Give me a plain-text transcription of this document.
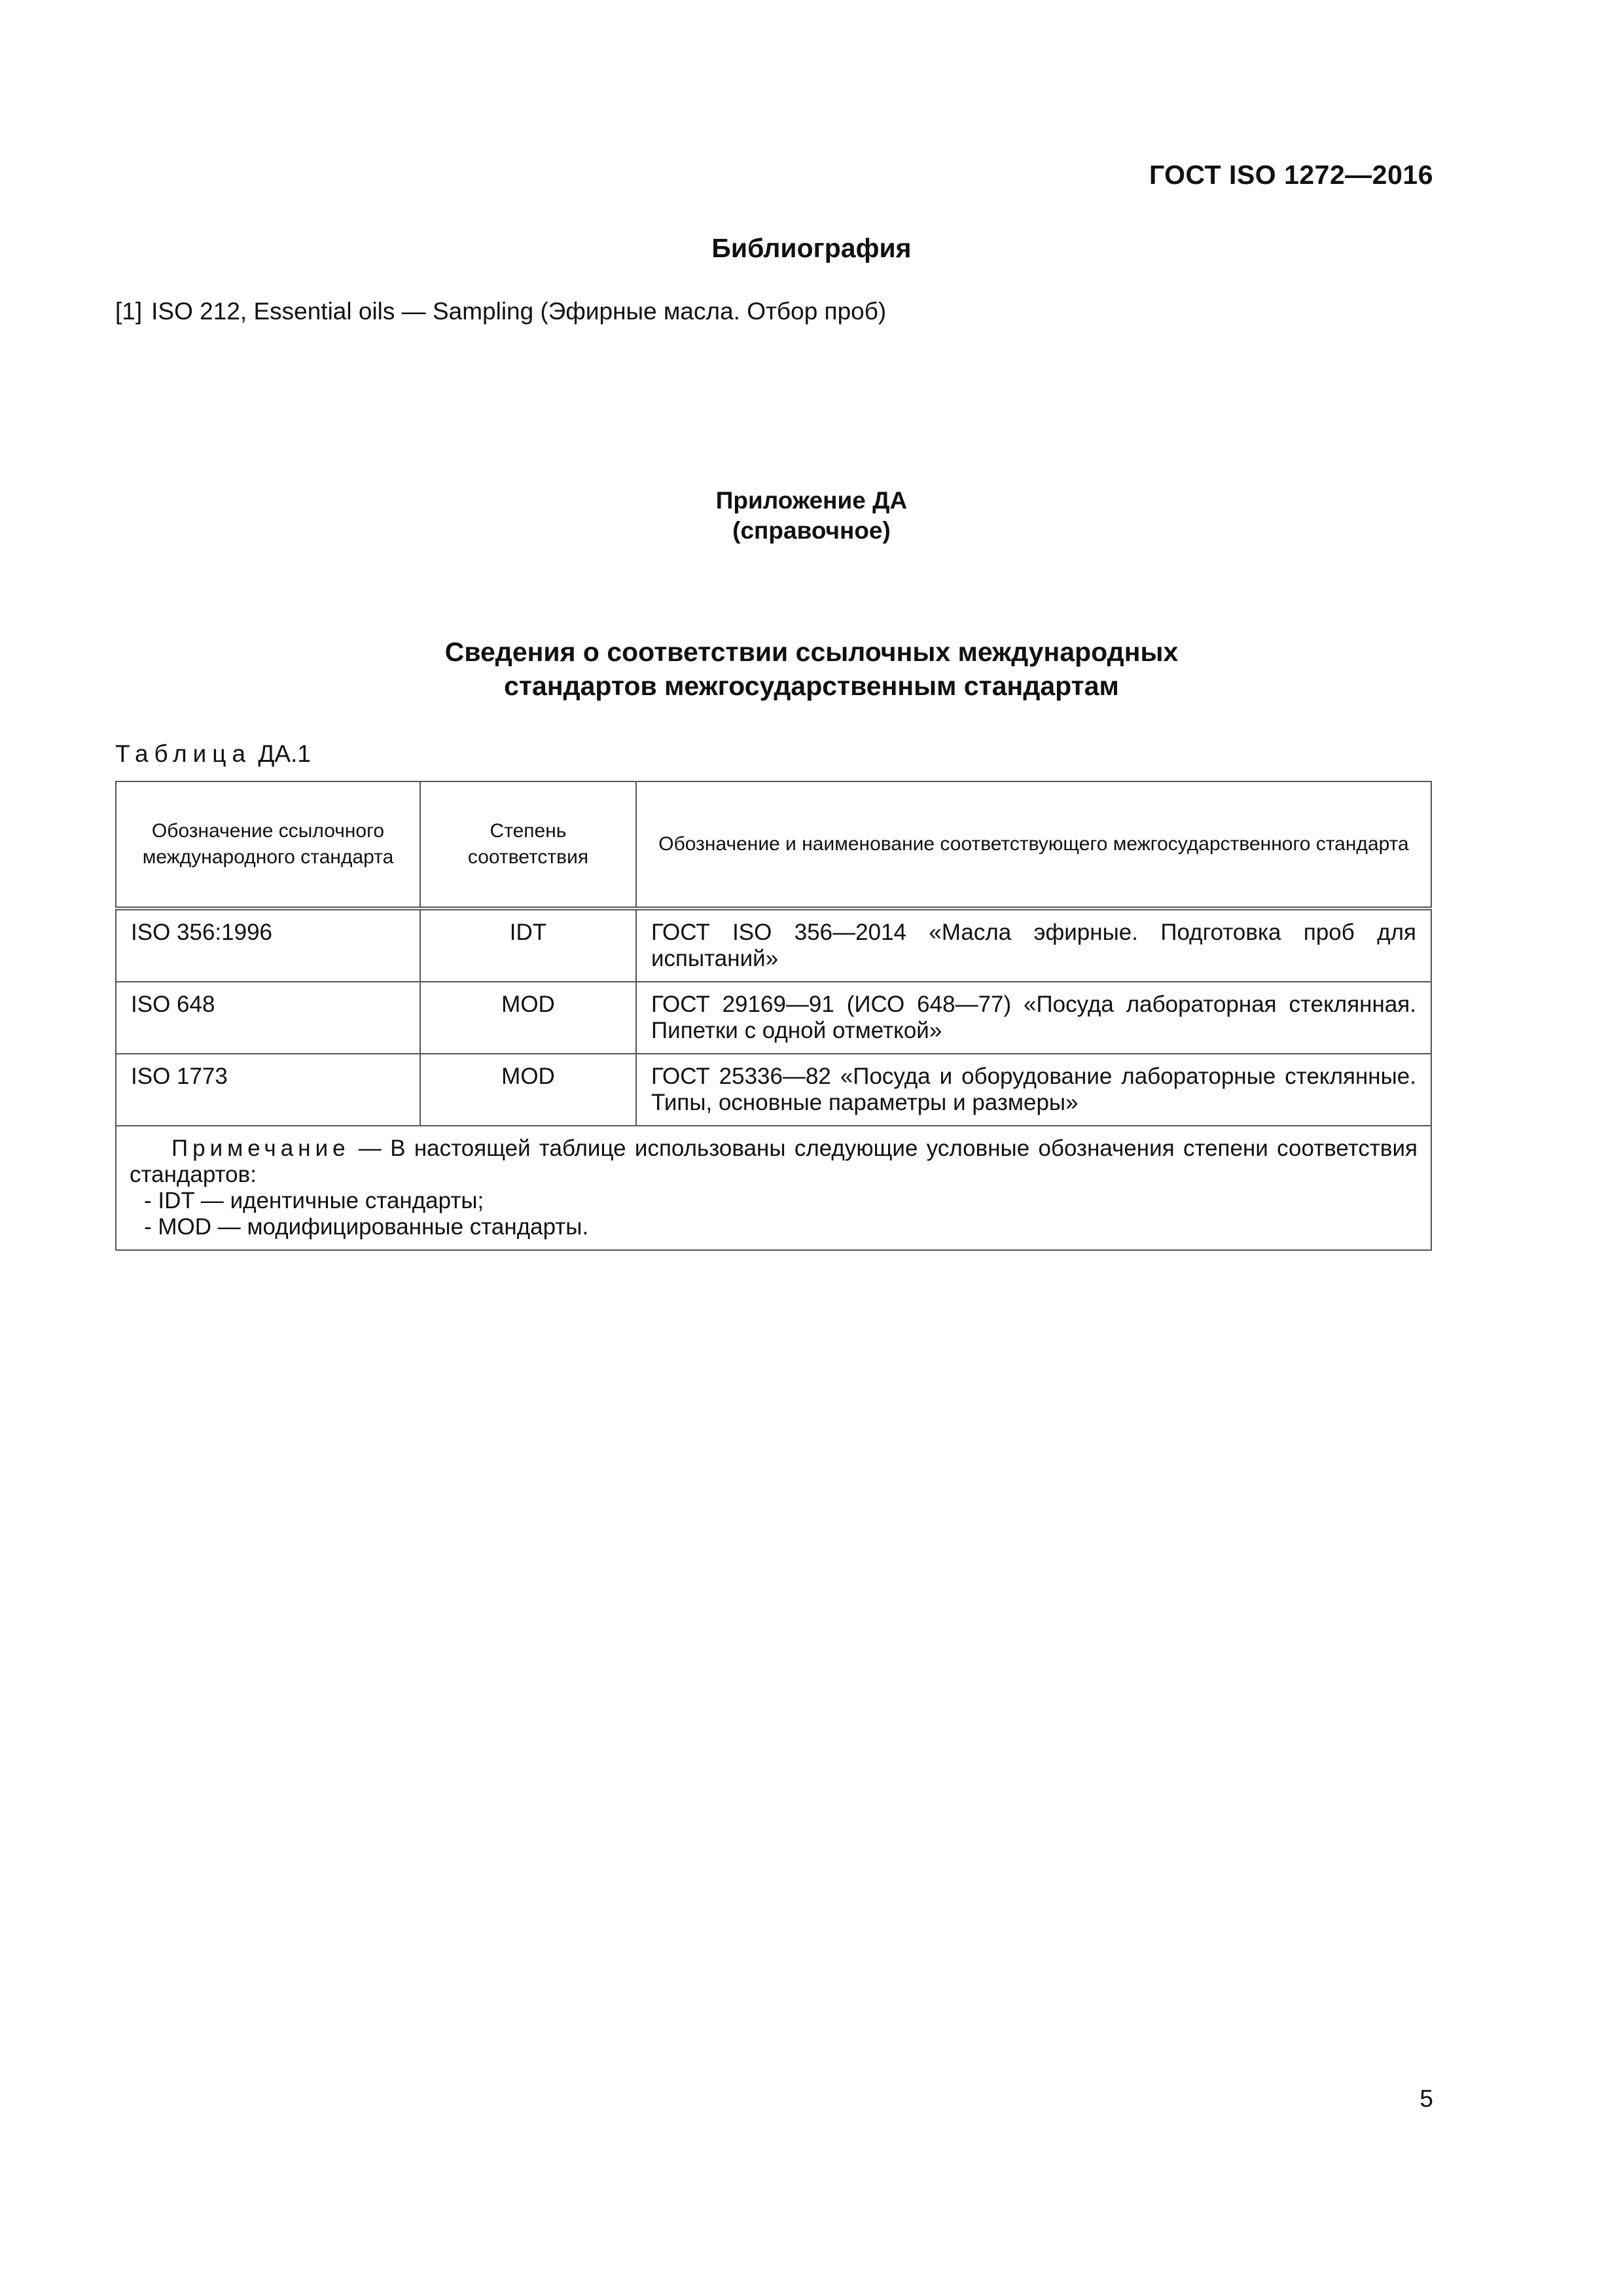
ГОСТ ISO 1272—2016
Библиография
[1] ISO 212, Essential oils — Sampling (Эфирные масла. Отбор проб)
Приложение ДА
(справочное)
Сведения о соответствии ссылочных международных
стандартов межгосударственным стандартам
Таблица ДА.1
Обозначение ссылочного международного стандарта	Степень соответствия	Обозначение и наименование соответствующего межгосударственного стандарта
ISO 356:1996	IDT	ГОСТ ISO 356—2014 «Масла эфирные. Подготовка проб для испытаний»
ISO 648	MOD	ГОСТ 29169—91 (ИСО 648—77) «Посуда лабораторная стеклянная. Пипетки с одной отметкой»
ISO 1773	MOD	ГОСТ 25336—82 «Посуда и оборудование лабораторные стеклянные. Типы, основные параметры и размеры»

Примечание — В настоящей таблице использованы следующие условные обозначения степени соответствия стандартов:
- IDT — идентичные стандарты;
- MOD — модифицированные стандарты.		
5
